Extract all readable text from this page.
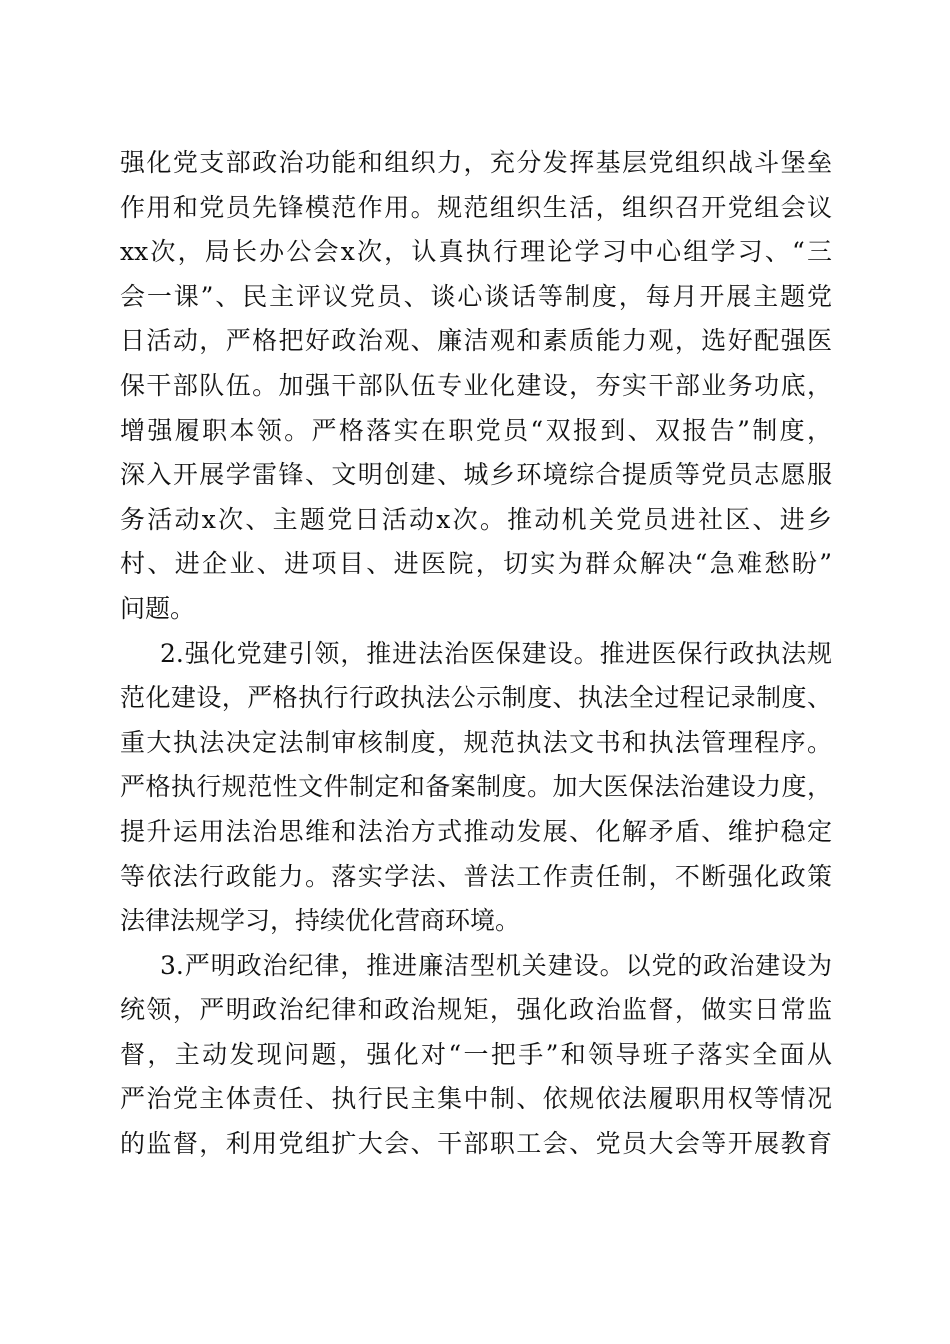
强化党支部政治功能和组织力，充分发挥基层党组织战斗堡垒
作用和党员先锋模范作用。规范组织生活，组织召开党组会议
xx次，局长办公会x次，认真执行理论学习中心组学习、“三
会一课”、民主评议党员、谈心谈话等制度，每月开展主题党
日活动，严格把好政治观、廉洁观和素质能力观，选好配强医
保干部队伍。加强干部队伍专业化建设，夯实干部业务功底，
增强履职本领。严格落实在职党员“双报到、双报告”制度，
深入开展学雷锋、文明创建、城乡环境综合提质等党员志愿服
务活动x次、主题党日活动x次。推动机关党员进社区、进乡
村、进企业、进项目、进医院，切实为群众解决“急难愁盼”
问题。
2.强化党建引领，推进法治医保建设。推进医保行政执法规
范化建设，严格执行行政执法公示制度、执法全过程记录制度、
重大执法决定法制审核制度，规范执法文书和执法管理程序。
严格执行规范性文件制定和备案制度。加大医保法治建设力度，
提升运用法治思维和法治方式推动发展、化解矛盾、维护稳定
等依法行政能力。落实学法、普法工作责任制，不断强化政策
法律法规学习，持续优化营商环境。
3.严明政治纪律，推进廉洁型机关建设。以党的政治建设为
统领，严明政治纪律和政治规矩，强化政治监督，做实日常监
督，主动发现问题，强化对“一把手”和领导班子落实全面从
严治党主体责任、执行民主集中制、依规依法履职用权等情况
的监督，利用党组扩大会、干部职工会、党员大会等开展教育
